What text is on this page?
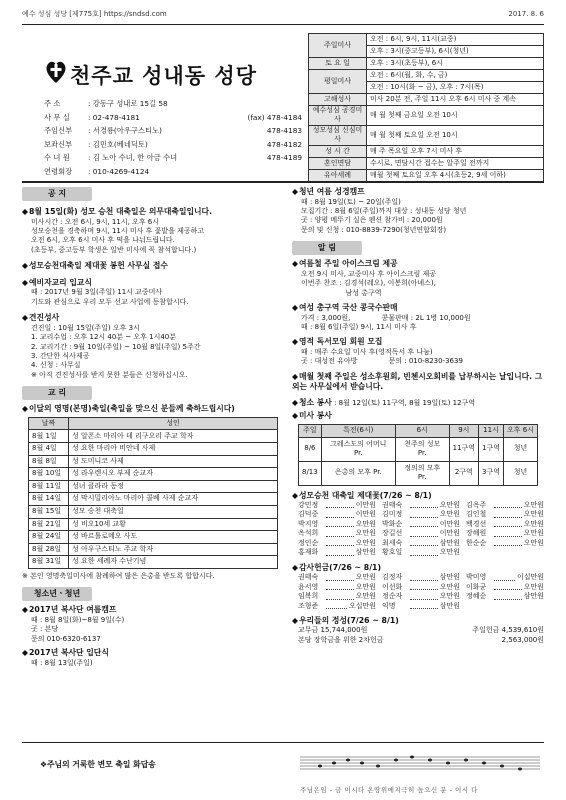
예수 성심 성당 [제775호] https://sndsd.com	2017. 8. 6
천주교 성내동 성당
주 소	: 강동구 성내로 15길 58
사 무 실	: 02-478-4181	(fax) 478-4184
주임신부	: 서경룡(아우구스티노)	478-4183
보좌신부	: 김민호(베네딕토)	478-4182
수 녀 원	: 김 노아 수녀, 한 아금 수녀	478-4189
연령회장	: 010-4269-4124
주일미사	오전 : 6시, 9시, 11시(교중)
	오후 : 3시(중고등부), 6시(청년)
토 요 일	오후 : 3시(초등부), 6시
평일미사	오전 : 6시(월, 화, 수, 금)
	오전 : 10시(화 ~ 금), 오후 : 7시(목)
고해성사	미사 20분 전, 주일 11시 오후 6시 미사 중 계속
예수성심 공경미사	매 월 첫째 금요일 오전 10시
성모성심 신심미사	매 월 첫째 토요일 오전 10시
성 시 간	매 주 목요일 오후 7시 미사 후
혼인면담	수시로, 면담시간 접수는 알주일 전까지
유아세례	매월 첫째 토요일 오후 4시(초등2, 9세 이하)
공 지
◆8월 15일(화) 성모 승천 대축일은 의무대축일입니다.
미사시간 : 오전 6시, 9시, 11시, 오후 6시
성모승천을 경축하며 9시, 11시 미사 후 꽃밭을 제공하고
오전 6시, 오후 6시 미사 후 떡을 나눠드립니다.
(초등부, 중고등부 학생은 일반 미사에 꼭 참석합니다.)
◆성모승천대축일 제대꽃 봉헌 사무실 접수
◆예비자교리 입교식
때 : 2017년 9월 3일(주일) 11시 교중미사
기도와 관심으로 우리 모두 선교 사업에 동참합시다.
◆견진성사
견진일 : 10월 15일(주일) 오후 3시
1. 교리수업 : 오후 12시 40분 ~ 오후 1시40분
2. 교리기간 : 9월 10일(주일) ~ 10월 8일(주일) 5주간
3. 간단한 식사제공
4. 신청 : 사무실
※ 아직 견진성사를 받지 못한 분들은 신청하십시오.
교 리
◆이달의 영명(본명)축일(축일을 맞으신 분들께 축하드립시다)
날짜	성인
8월 1일	성 알폰소 마리아 데 리구오리 주교 학자
8월 4일	성 요한 마리아 비안네 사제
8월 8일	성 도미니코 사제
8월 10일	성 라우렌시오 부제 순교자
8월 11일	성녀 클라라 동정
8월 14일	성 막시밀리아노 마리아 콜베 사제 순교자
8월 15일	성모 승천 대축일
8월 21일	성 비오10세 교황
8월 24일	성 바르톨로메오 사도
8월 28일	성 아우구스티노 주교 학자
8월 31일	성 요한 세례자 수난기념
※ 본인 영명축일미사에 참례하여 많은 은총을 받도록 합합시다.
청소년ㆍ청년
◆2017년 복사단 여름캠프
때 : 8월 8일(화)~8월 9일(수)
곳 : 본당
문의 010-6320-6137
◆2017년 복사단 입단식
때 : 8월 13일(주일)
◆청년 여름 성경캠프
때 : 8월 19일(토) ~ 20일(주일)
모집기간 : 8월 6일(주일)까지 대상 : 성내동 성당 청년
곳 : 양평 메뚜기 실은 펜션 참가비 : 20,000원
문의 및 신청 : 010-8839-7290(청년연합회장)
알 림
◆여름철 주일 아이스크림 제공
오전 9시 미사, 교중미사 후 아이스크림 제공
이번주 찬조 : 김경석(레오), 이봉희(아녜스),
남성 총구역
◆여성 총구역 국산 콩국수판매
가격 : 3,000원,              콩물판매 : 2L 1병 10,000원
때 : 8월 6일(주일) 9시, 11시 미사 후
◆영적 독서모임 회원 모집
때 : 매주 수요일 미사 후(영적독서 후 나눔)
곳 : 대성전 유아방              문의 : 010-8230-3639
◆매월 첫째 주일은 성소후원회, 빈첸시오회비를 납부하시는 날입니다. 그 외는 사무실에서 받습니다.
◆청소 봉사 : 8월 12일(토) 11구역, 8월 19일(토) 12구역
◆미사 봉사
주일	특전(6시)	6시	9시	11시	오후 6시
8/6	그레스도의 어머니 Pr.	천주의 성모 Pr.	11구역	1구역	청년
8/13	은총의 모후 Pr.	정의의 모후 Pr.	2구역	3구역	청년
◆성모승천 대축일 제대꽃(7/26 ~ 8/1)
강민정	이만원 권태숙	오만원 김옥주	오만원
김덕중	이만원 김미정	오만원 김인철	오만원
박지영	오만원 박화순	이만원 백경선	오만원
옥석희	오만원 장길선	이만원 장해원	오만원
정인순	오만원 최세숙	삼만원 한순순	오만원
홍재화	삼만원 황호일	오만원
◆감사헌금(7/26 ~ 8/1)
권태숙	오만원 김정자	삼만원 박미영	이십만원
윤서영	오만원 이선화	오만원 이화균	오만원
임복희	오만원 정순자	오만원 정혜순	삼만원
조형준	오십만원 익명	삼만원
◆우리들의 정성(7/26 ~ 8/1)
교무금 15,744,000원	주일헌금 4,539,610원
본당 장학금을 위한 2차헌금	2,563,000원
❖주님의 거룩한 변모 축일 화답송
주님은임 - 금 이시다 온땅위에지극히 높으신 분 - 이시 다
